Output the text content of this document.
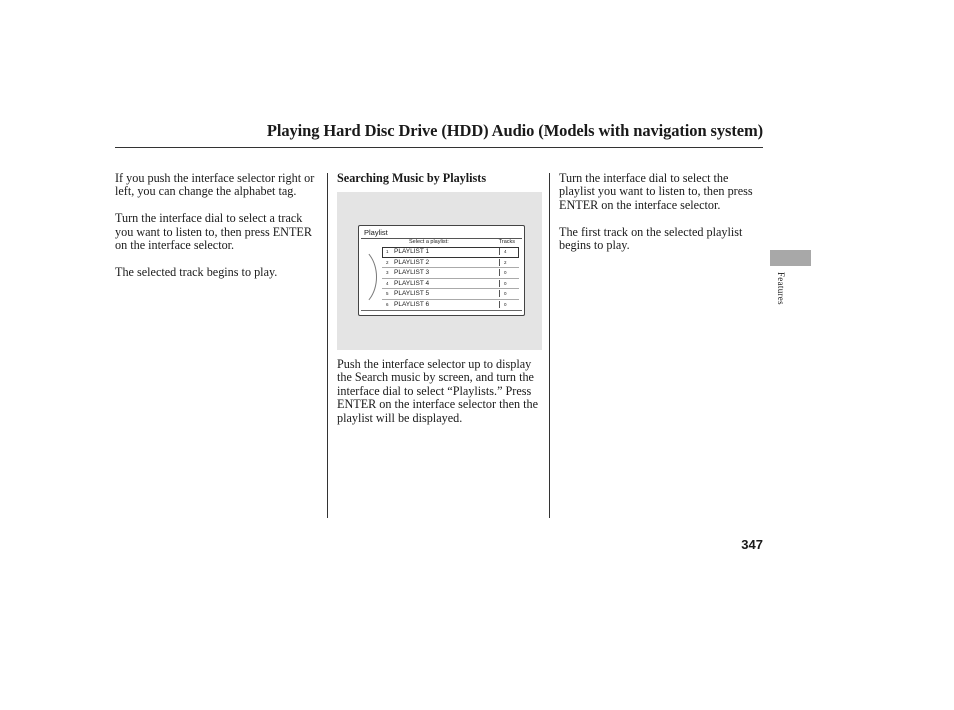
Playing Hard Disc Drive (HDD) Audio (Models with navigation system)

If you push the interface selector right or left, you can change the alphabet tag.

Turn the interface dial to select a track you want to listen to, then press ENTER on the interface selector.

The selected track begins to play.

Searching Music by Playlists
Playlist
Select a playlist:	Tracks
1 PLAYLIST 1	4
2 PLAYLIST 2	2
3 PLAYLIST 3	0
4 PLAYLIST 4	0
5 PLAYLIST 5	0
6 PLAYLIST 6	0

Push the interface selector up to display the Search music by screen, and turn the interface dial to select “Playlists.” Press ENTER on the interface selector then the playlist will be displayed.

Turn the interface dial to select the playlist you want to listen to, then press ENTER on the interface selector.

The first track on the selected playlist begins to play.

Features
347
